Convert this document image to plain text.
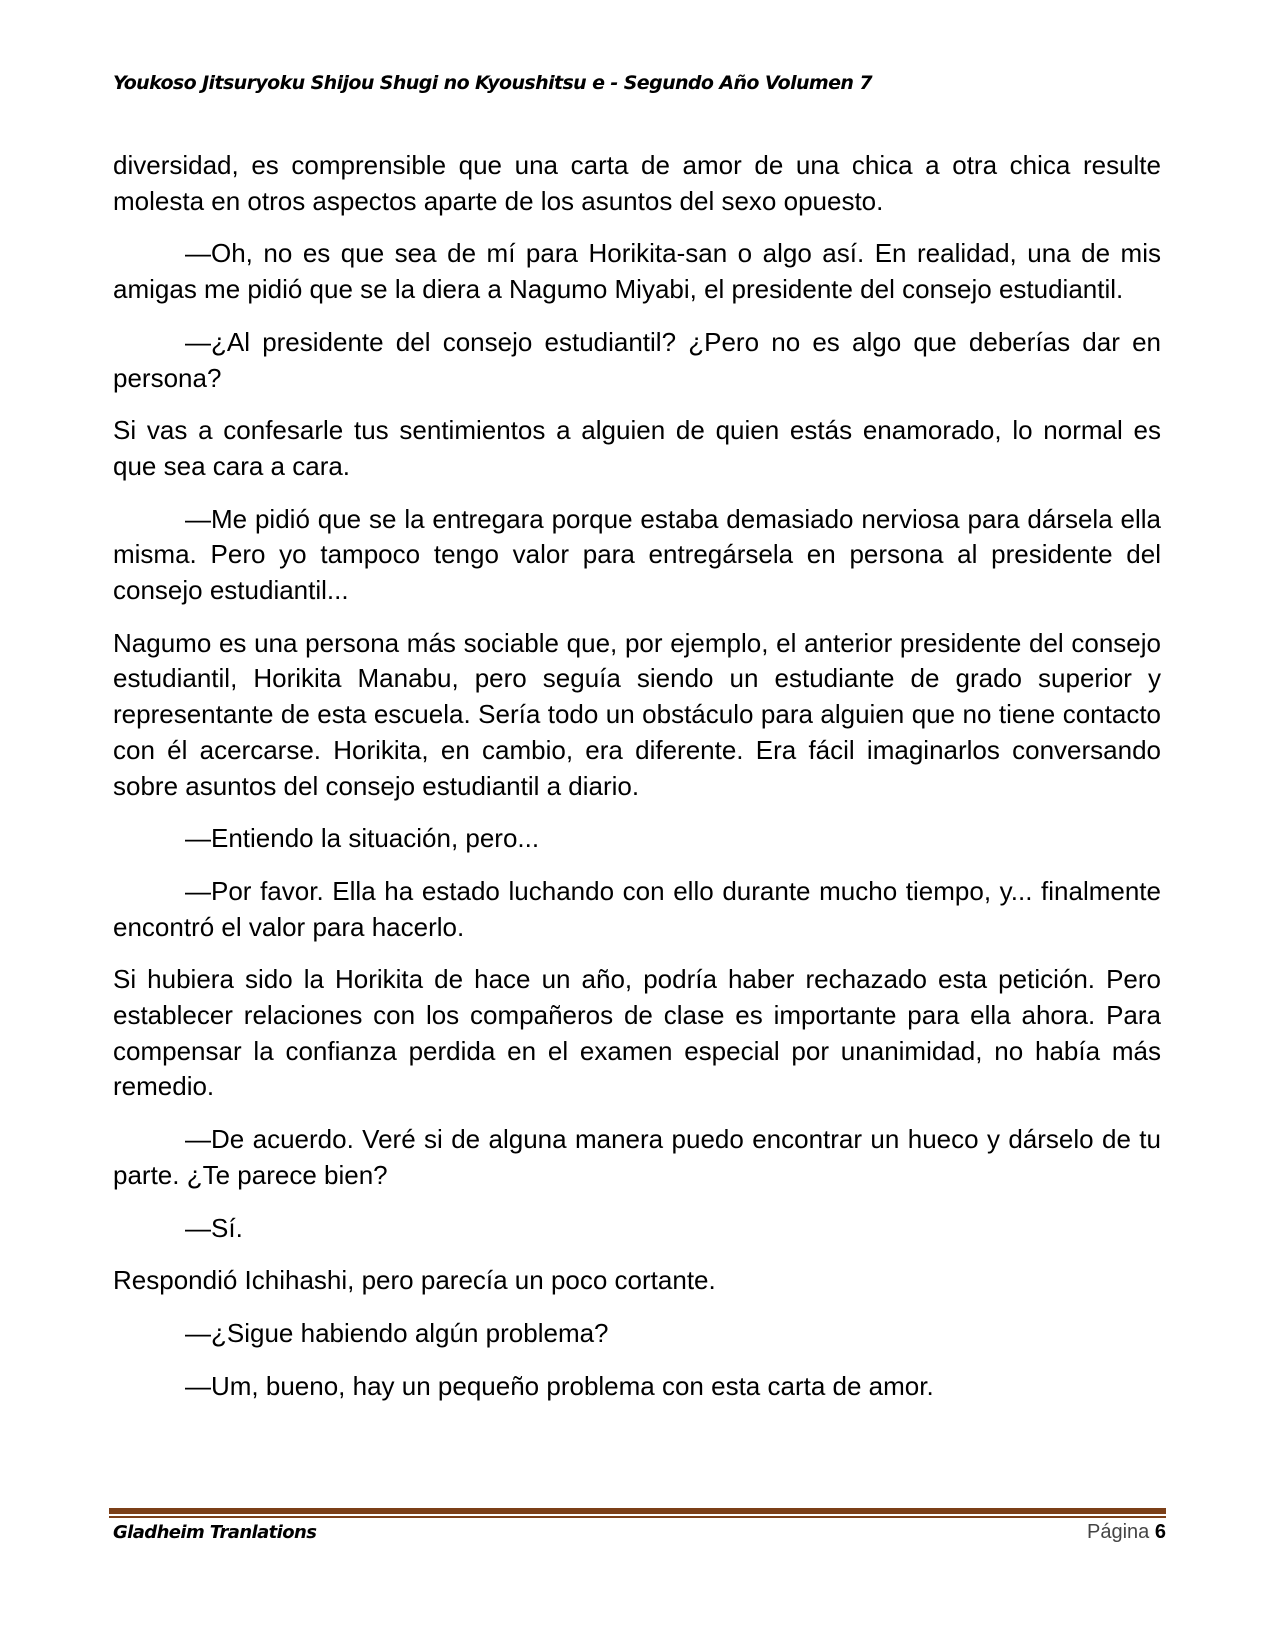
Youkoso Jitsuryoku Shijou Shugi no Kyoushitsu e - Segundo Año Volumen 7

diversidad, es comprensible que una carta de amor de una chica a otra chica resulte molesta en otros aspectos aparte de los asuntos del sexo opuesto.

—Oh, no es que sea de mí para Horikita-san o algo así. En realidad, una de mis amigas me pidió que se la diera a Nagumo Miyabi, el presidente del consejo estudiantil.

—¿Al presidente del consejo estudiantil? ¿Pero no es algo que deberías dar en persona?

Si vas a confesarle tus sentimientos a alguien de quien estás enamorado, lo normal es que sea cara a cara.

—Me pidió que se la entregara porque estaba demasiado nerviosa para dársela ella misma. Pero yo tampoco tengo valor para entregársela en persona al presidente del consejo estudiantil...

Nagumo es una persona más sociable que, por ejemplo, el anterior presidente del consejo estudiantil, Horikita Manabu, pero seguía siendo un estudiante de grado superior y representante de esta escuela. Sería todo un obstáculo para alguien que no tiene contacto con él acercarse. Horikita, en cambio, era diferente. Era fácil imaginarlos conversando sobre asuntos del consejo estudiantil a diario.

—Entiendo la situación, pero...

—Por favor. Ella ha estado luchando con ello durante mucho tiempo, y... finalmente encontró el valor para hacerlo.

Si hubiera sido la Horikita de hace un año, podría haber rechazado esta petición. Pero establecer relaciones con los compañeros de clase es importante para ella ahora. Para compensar la confianza perdida en el examen especial por unanimidad, no había más remedio.

—De acuerdo. Veré si de alguna manera puedo encontrar un hueco y dárselo de tu parte. ¿Te parece bien?

—Sí.

Respondió Ichihashi, pero parecía un poco cortante.

—¿Sigue habiendo algún problema?

—Um, bueno, hay un pequeño problema con esta carta de amor.

Gladheim Tranlations	Página 6
